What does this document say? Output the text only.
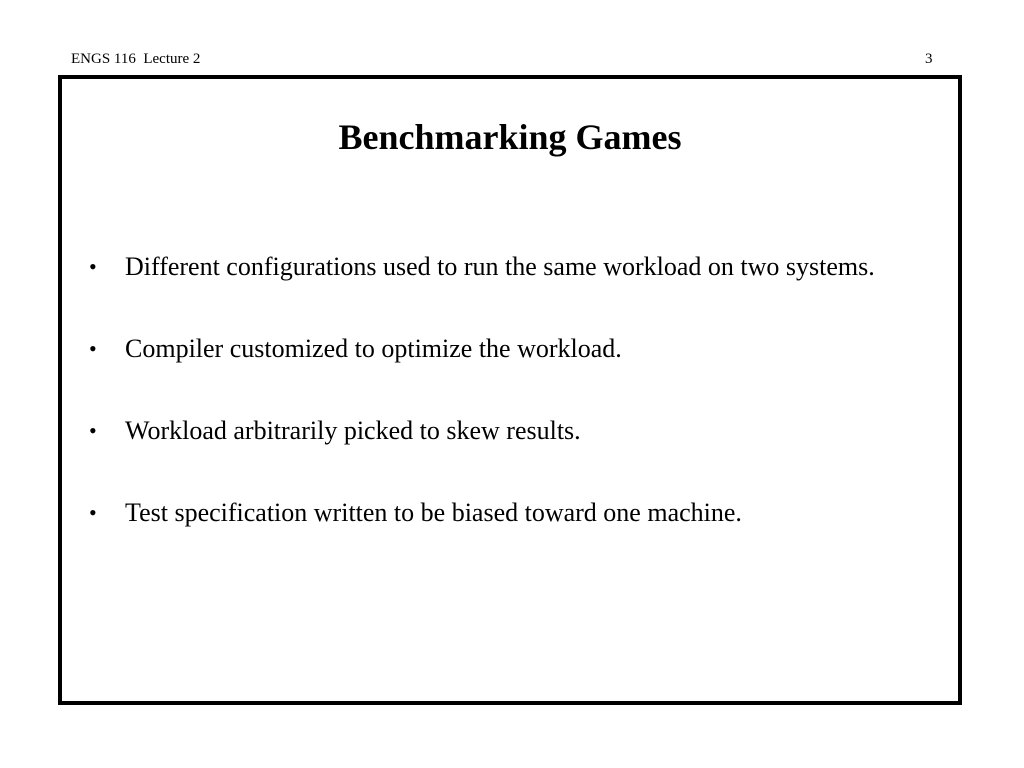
ENGS 116  Lecture 2	3
Benchmarking Games
• Different configurations used to run the same workload on two systems.
• Compiler customized to optimize the workload.
• Workload arbitrarily picked to skew results.
• Test specification written to be biased toward one machine.
